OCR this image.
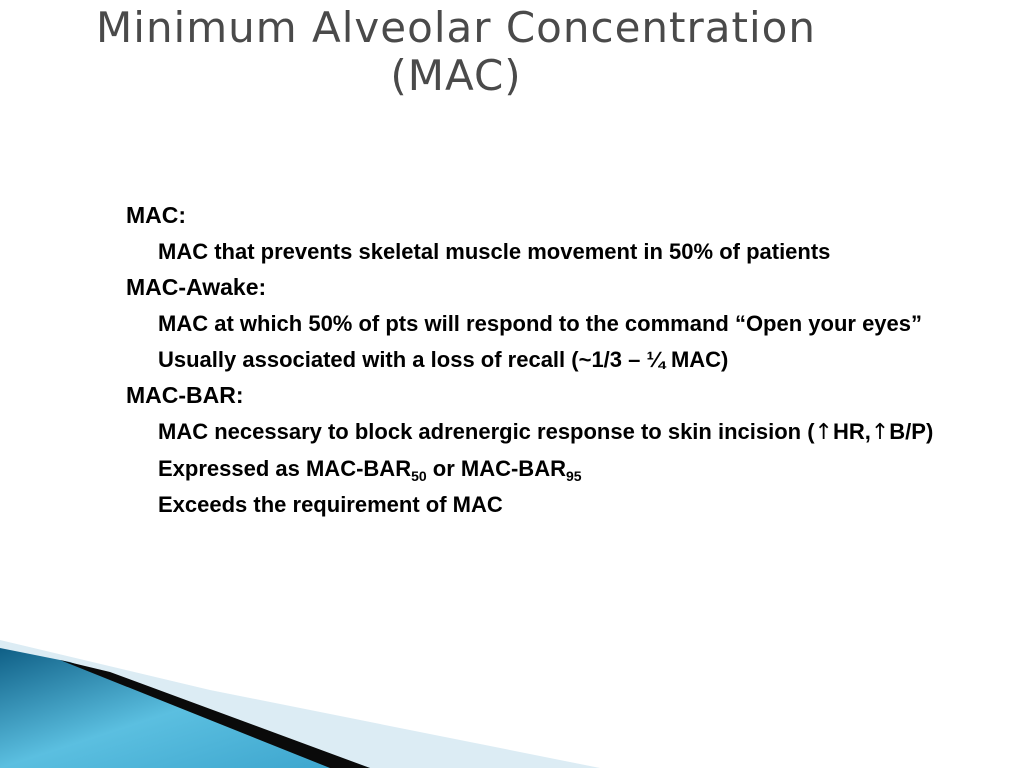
Minimum Alveolar Concentration
(MAC)
MAC:
MAC that prevents skeletal muscle movement in 50% of patients
MAC-Awake:
MAC at which 50% of pts will respond to the command “Open your eyes”
Usually associated with a loss of recall (~1/3 – ¼ MAC)
MAC-BAR:
MAC necessary to block adrenergic response to skin incision (↑HR,↑B/P)
Expressed as MAC-$BAR_{50}$ or MAC-$BAR_{95}$
Exceeds the requirement of MAC
